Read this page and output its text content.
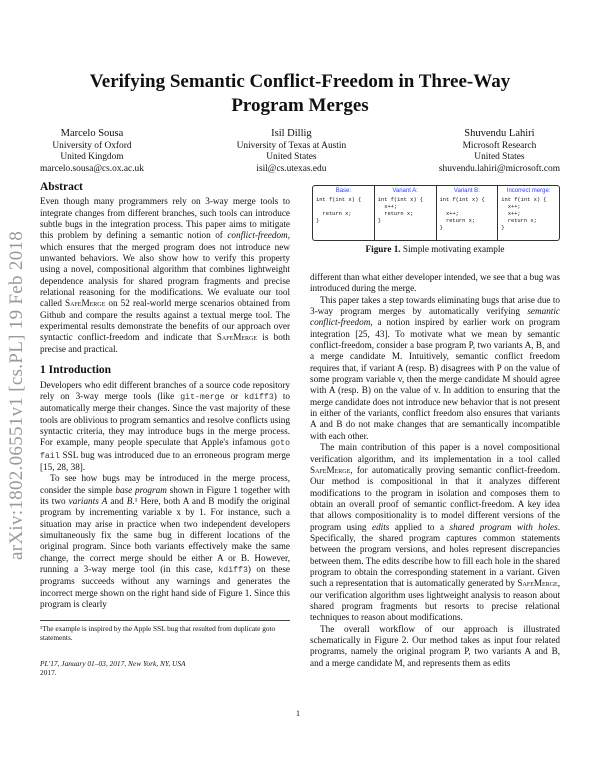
arXiv:1802.06551v1 [cs.PL] 19 Feb 2018
Verifying Semantic Conflict-Freedom in Three-Way Program Merges
Marcelo Sousa
University of Oxford
United Kingdom
marcelo.sousa@cs.ox.ac.uk
Isil Dillig
University of Texas at Austin
United States
isil@cs.utexas.edu
Shuvendu Lahiri
Microsoft Research
United States
shuvendu.lahiri@microsoft.com
Abstract

Even though many programmers rely on 3-way merge tools to integrate changes from different branches, such tools can introduce subtle bugs in the integration process. This paper aims to mitigate this problem by defining a semantic notion of conflict-freedom, which ensures that the merged program does not introduce new unwanted behaviors. We also show how to verify this property using a novel, compositional algorithm that combines lightweight dependence analysis for shared program fragments and precise relational reasoning for the modifications. We evaluate our tool called SafeMerge on 52 real-world merge scenarios obtained from Github and compare the results against a textual merge tool. The experimental results demonstrate the benefits of our approach over syntactic conflict-freedom and indicate that SafeMerge is both precise and practical.

1 Introduction

Developers who edit different branches of a source code repository rely on 3-way merge tools (like git-merge or kdiff3) to automatically merge their changes. Since the vast majority of these tools are oblivious to program semantics and resolve conflicts using syntactic criteria, they may introduce bugs in the merge process. For example, many people speculate that Apple's infamous goto fail SSL bug was introduced due to an erroneous program merge [15, 28, 38].

To see how bugs may be introduced in the merge process, consider the simple base program shown in Figure 1 together with its two variants A and B.¹ Here, both A and B modify the original program by incrementing variable x by 1. For instance, such a situation may arise in practice when two independent developers simultaneously fix the same bug in different locations of the original program. Since both variants effectively make the same change, the correct merge should be either A or B. However, running a 3-way merge tool (in this case, kdiff3) on these programs succeeds without any warnings and generates the incorrect merge shown on the right hand side of Figure 1. Since this program is clearly

¹The example is inspired by the Apple SSL bug that resulted from duplicate goto statements.
PL'17, January 01–03, 2017, New York, NY, USA
2017.
1
Base:
int f(int x) {

return x;
}
Variant A:
int f(int x) {
x++;
return x;
}
Variant B:
int f(int x) {

x++;
return x;
}
Incorrect merge:
int f(int x) {
x++;
x++;
return x;
}
Figure 1. Simple motivating example

different than what either developer intended, we see that a bug was introduced during the merge.

This paper takes a step towards eliminating bugs that arise due to 3-way program merges by automatically verifying semantic conflict-freedom, a notion inspired by earlier work on program integration [25, 43]. To motivate what we mean by semantic conflict-freedom, consider a base program P, two variants A, B, and a merge candidate M. Intuitively, semantic conflict freedom requires that, if variant A (resp. B) disagrees with P on the value of some program variable v, then the merge candidate M should agree with A (resp. B) on the value of v. In addition to ensuring that the merge candidate does not introduce new behavior that is not present in either of the variants, conflict freedom also ensures that variants A and B do not make changes that are semantically incompatible with each other.

The main contribution of this paper is a novel compositional verification algorithm, and its implementation in a tool called SafeMerge, for automatically proving semantic conflict-freedom. Our method is compositional in that it analyzes different modifications to the program in isolation and composes them to obtain an overall proof of semantic conflict-freedom. A key idea that allows compositionality is to model different versions of the program using edits applied to a shared program with holes. Specifically, the shared program captures common statements between the program versions, and holes represent discrepancies between them. The edits describe how to fill each hole in the shared program to obtain the corresponding statement in a variant. Given such a representation that is automatically generated by SafeMerge, our verification algorithm uses lightweight analysis to reason about shared program fragments but resorts to precise relational techniques to reason about modifications.

The overall workflow of our approach is illustrated schematically in Figure 2. Our method takes as input four related programs, namely the original program P, two variants A and B, and a merge candidate M, and represents them as edits
